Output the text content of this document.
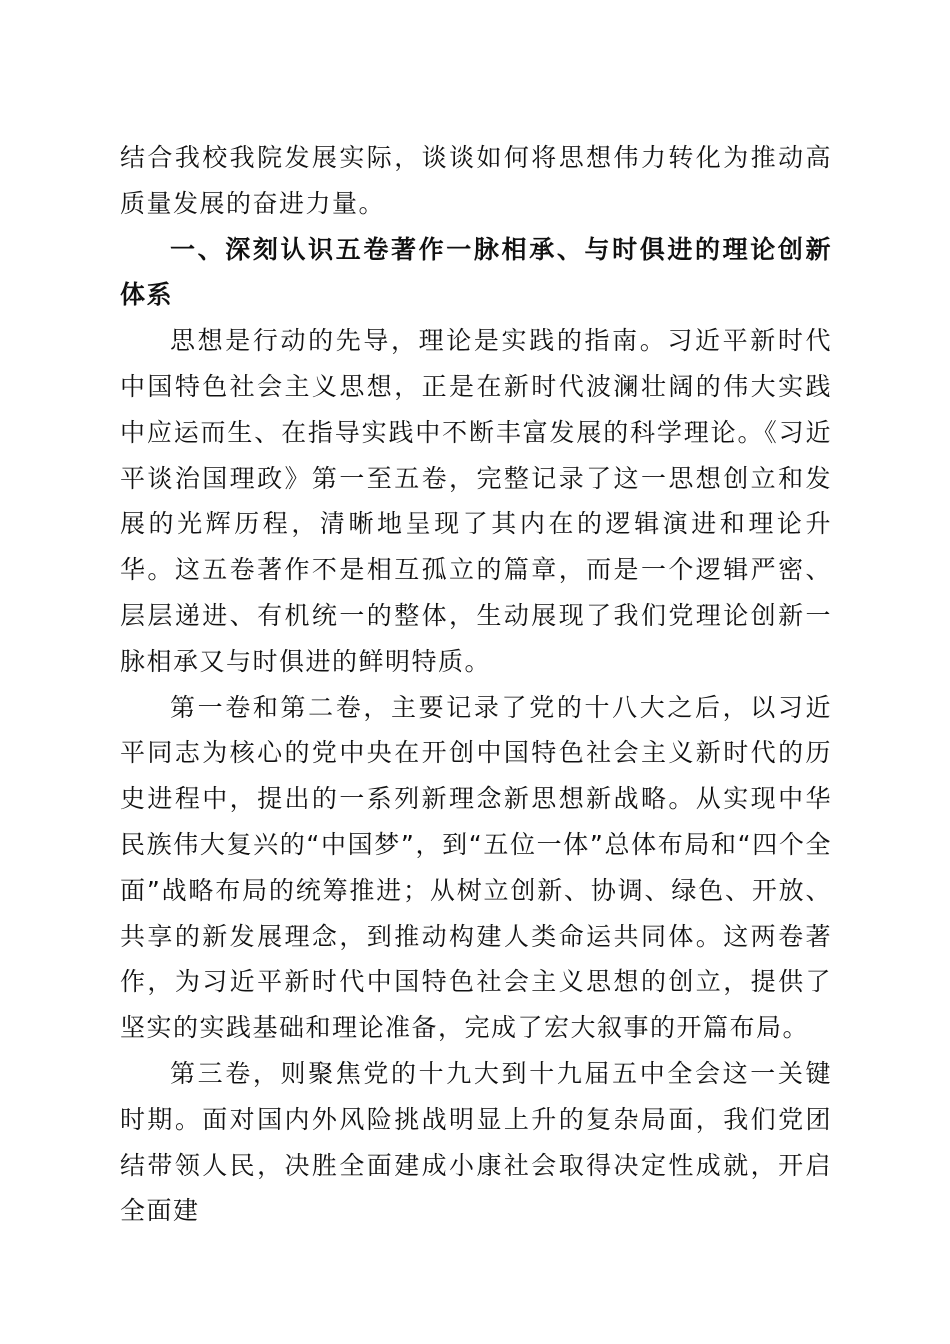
结合我校我院发展实际，谈谈如何将思想伟力转化为推动高质量发展的奋进力量。

一、深刻认识五卷著作一脉相承、与时俱进的理论创新体系

思想是行动的先导，理论是实践的指南。习近平新时代中国特色社会主义思想，正是在新时代波澜壮阔的伟大实践中应运而生、在指导实践中不断丰富发展的科学理论。《习近平谈治国理政》第一至五卷，完整记录了这一思想创立和发展的光辉历程，清晰地呈现了其内在的逻辑演进和理论升华。这五卷著作不是相互孤立的篇章，而是一个逻辑严密、层层递进、有机统一的整体，生动展现了我们党理论创新一脉相承又与时俱进的鲜明特质。

第一卷和第二卷，主要记录了党的十八大之后，以习近平同志为核心的党中央在开创中国特色社会主义新时代的历史进程中，提出的一系列新理念新思想新战略。从实现中华民族伟大复兴的“中国梦”，到“五位一体”总体布局和“四个全面”战略布局的统筹推进；从树立创新、协调、绿色、开放、共享的新发展理念，到推动构建人类命运共同体。这两卷著作，为习近平新时代中国特色社会主义思想的创立，提供了坚实的实践基础和理论准备，完成了宏大叙事的开篇布局。

第三卷，则聚焦党的十九大到十九届五中全会这一关键时期。面对国内外风险挑战明显上升的复杂局面，我们党团结带领人民，决胜全面建成小康社会取得决定性成就，开启全面建
